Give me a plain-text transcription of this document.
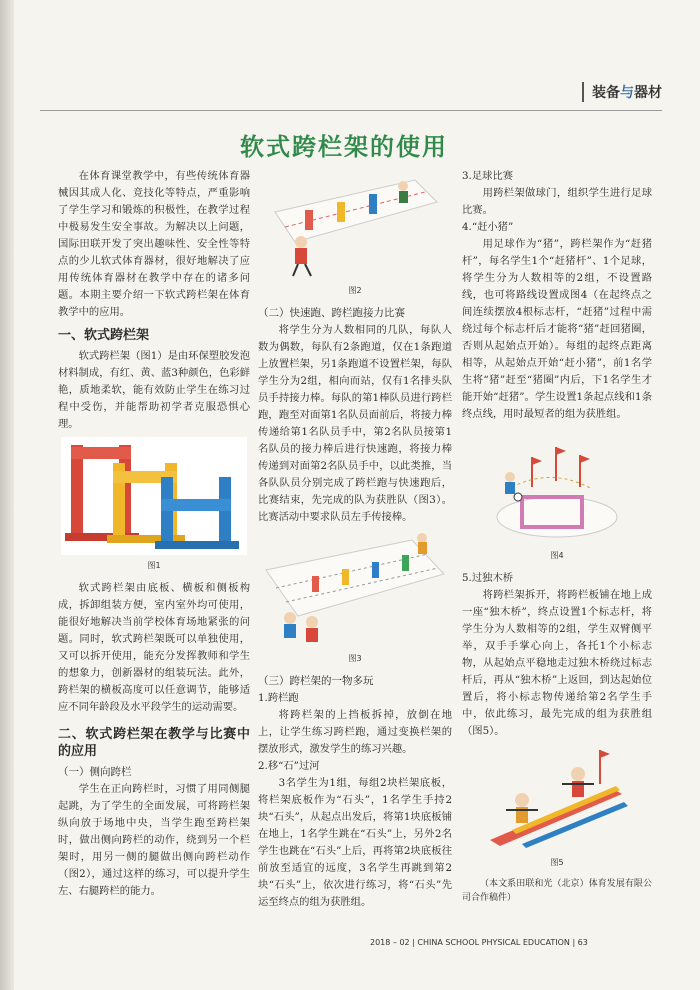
装备与器材
软式跨栏架的使用

在体育课堂教学中，有些传统体育器械因其成人化、竞技化等特点，严重影响了学生学习和锻炼的积极性，在教学过程中极易发生安全事故。为解决以上问题，国际田联开发了突出趣味性、安全性等特点的少儿软式体育器材，很好地解决了应用传统体育器材在教学中存在的诸多问题。本期主要介绍一下软式跨栏架在体育教学中的应用。

一、软式跨栏架

软式跨栏架（图1）是由环保塑胶发泡材料制成，有红、黄、蓝3种颜色，色彩鲜艳，质地柔软，能有效防止学生在练习过程中受伤，并能帮助初学者克服恐惧心理。

图1

软式跨栏架由底板、横板和侧板构成，拆卸组装方便，室内室外均可使用，能很好地解决当前学校体育场地紧张的问题。同时，软式跨栏架既可以单独使用，又可以拆开使用，能充分发挥教师和学生的想象力，创新器材的组装玩法。此外，跨栏架的横板高度可以任意调节，能够适应不同年龄段及水平段学生的运动需要。

二、软式跨栏架在教学与比赛中的应用

（一）侧向跨栏

学生在正向跨栏时，习惯了用同侧腿起跳，为了学生的全面发展，可将跨栏架纵向放于场地中央，当学生跑至跨栏架时，做出侧向跨栏的动作，绕到另一个栏架时，用另一侧的腿做出侧向跨栏动作（图2），通过这样的练习，可以提升学生左、右腿跨栏的能力。

图2

（二）快速跑、跨栏跑接力比赛

将学生分为人数相同的几队，每队人数为偶数，每队有2条跑道，仅在1条跑道上放置栏架，另1条跑道不设置栏架，每队学生分为2组，相向而站，仅有1名排头队员手持接力棒。每队的第1棒队员进行跨栏跑，跑至对面第1名队员面前后，将接力棒传递给第1名队员手中，第2名队员接第1名队员的接力棒后进行快速跑，将接力棒传递到对面第2名队员手中，以此类推，当各队队员分别完成了跨栏跑与快速跑后，比赛结束，先完成的队为获胜队（图3）。比赛活动中要求队员左手传接棒。

图3

（三）跨栏架的一物多玩

1.跨栏跑

将跨栏架的上挡板拆掉，放倒在地上，让学生练习跨栏跑，通过变换栏架的摆放形式，激发学生的练习兴趣。

2.移“石”过河

3名学生为1组，每组2块栏架底板，将栏架底板作为“石头”，1名学生手持2块“石头”，从起点出发后，将第1块底板铺在地上，1名学生跳在“石头”上，另外2名学生也跳在“石头”上后，再将第2块底板往前放至适宜的远度，3名学生再跳到第2块“石头”上，依次进行练习，将“石头”先运至终点的组为获胜组。

3.足球比赛

用跨栏架做球门，组织学生进行足球比赛。

4.“赶小猪”

用足球作为“猪”，跨栏架作为“赶猪杆”，每名学生1个“赶猪杆”、1个足球，将学生分为人数相等的2组，不设置路线，也可将路线设置成图4（在起终点之间连续摆放4根标志杆，“赶猪”过程中需绕过每个标志杆后才能将“猪”赶回猪圈，否则从起始点开始）。每组的起终点距离相等，从起始点开始“赶小猪”，前1名学生将“猪”赶至“猪圈”内后，下1名学生才能开始“赶猪”。学生设置1条起点线和1条终点线，用时最短者的组为获胜组。

图4

5.过独木桥

将跨栏架拆开，将跨栏板铺在地上成一座“独木桥”，终点设置1个标志杆，将学生分为人数相等的2组，学生双臂侧平举，双手手掌心向上，各托1个小标志物，从起始点平稳地走过独木桥绕过标志杆后，再从“独木桥”上返回，到达起始位置后，将小标志物传递给第2名学生手中，依此练习，最先完成的组为获胜组（图5）。

图5

（本文系田联和光（北京）体育发展有限公司合作稿件）

2018 – 02 | CHINA SCHOOL PHYSICAL EDUCATION | 63
